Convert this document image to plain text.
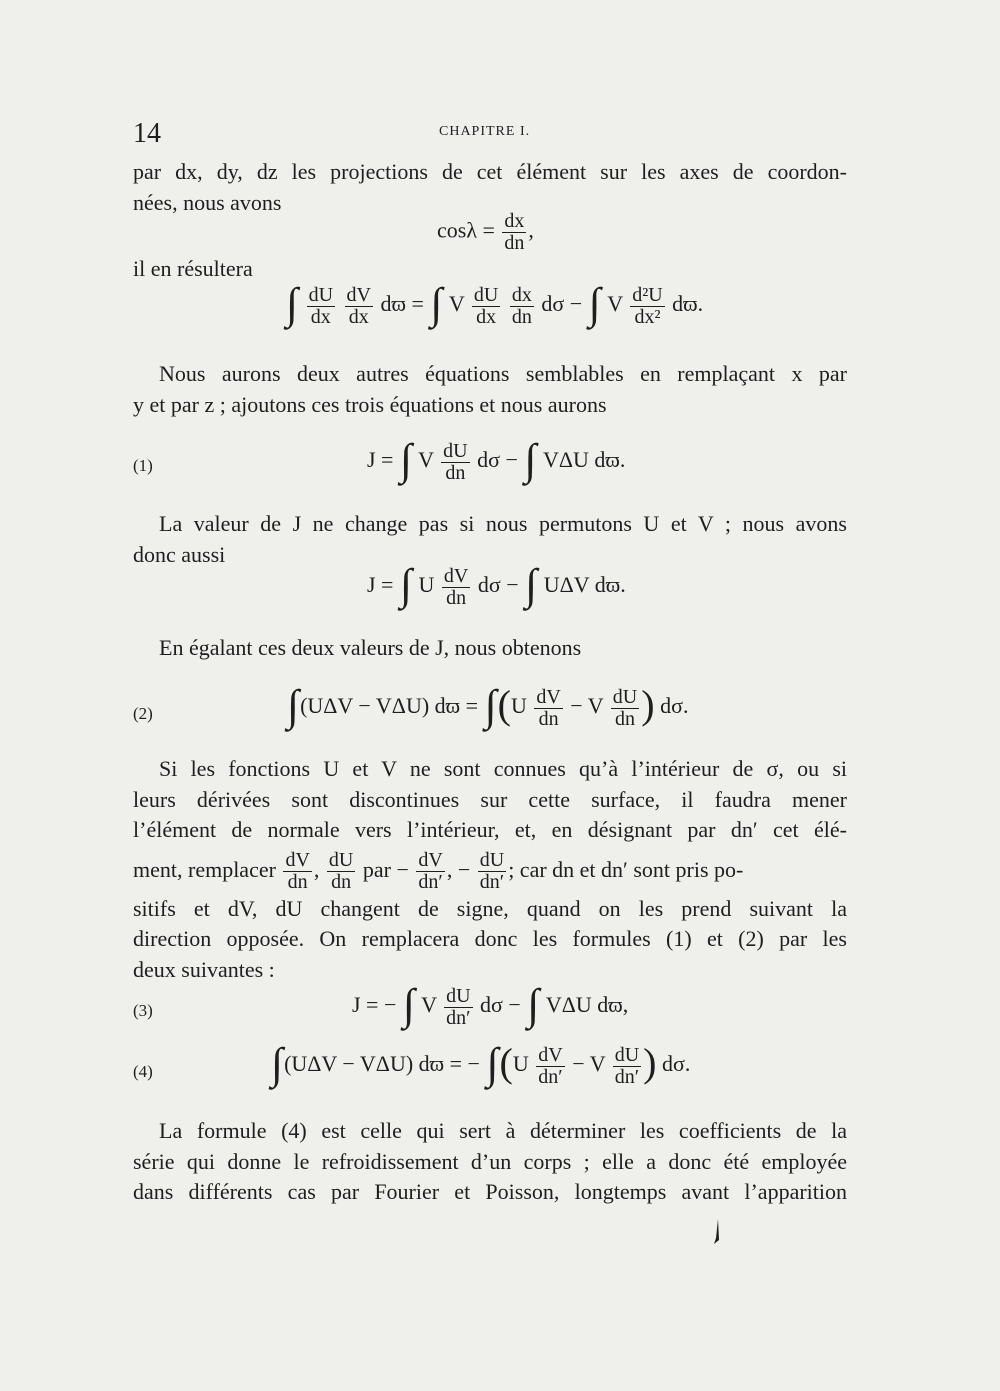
14	CHAPITRE I.

par dx, dy, dz les projections de cet élément sur les axes de coordon-
nées, nous avons

$\cos\lambda = \frac{dx}{dn}$ ,

il en résultera

∫ $\frac{dU}{dx}$
$\frac{dV}{dx}$ dϖ = ∫ V $\frac{dU}{dx}$
$\frac{dx}{dn}$ dσ − ∫ V $\frac{\text{d²U}}{\text{dx²}} dϖ$.

Nous aurons deux autres équations semblables en remplaçant x par
y et par z ; ajoutons ces trois équations et nous aurons

(1)	J = ∫ V $\frac{dU}{dn}$ dσ − ∫ VΔU dϖ.

La valeur de J ne change pas si nous permutons U et V ; nous avons
donc aussi

J = ∫ U $\frac{dV}{dn}$ dσ − ∫ UΔV dϖ.

En égalant ces deux valeurs de J, nous obtenons

(2)	∫(UΔV − VΔU) $dϖ = \int(U \frac{dV}{dn} - V \frac{dU}{dn}$ ) dσ.

Si les fonctions U et V ne sont connues qu’à l’intérieur de σ, ou si
leurs dérivées sont discontinues sur cette surface, il faudra mener
l’élément de normale vers l’intérieur, et, en désignant par dn′ cet élé-
ment, remplacer $\frac{dV}{dn}$ , $\frac{dU}{dn}$ par − $\frac{dV}{dn'}$ , − $\frac{dU}{dn'}$ ; car dn et dn′ sont pris po-
sitifs et dV, dU changent de signe, quand on les prend suivant la
direction opposée. On remplacera donc les formules (1) et (2) par les
deux suivantes :

(3)	J = − ∫ V $\frac{dU}{dn'}$ dσ − ∫ VΔU dϖ,
(4)	∫(UΔV − VΔU) dϖ = − $\int(U \frac{dV}{dn'} - V \frac{dU}{dn'}$ ) dσ.

La formule (4) est celle qui sert à déterminer les coefficients de la
série qui donne le refroidissement d’un corps ; elle a donc été employée
dans différents cas par Fourier et Poisson, longtemps avant l’apparition
